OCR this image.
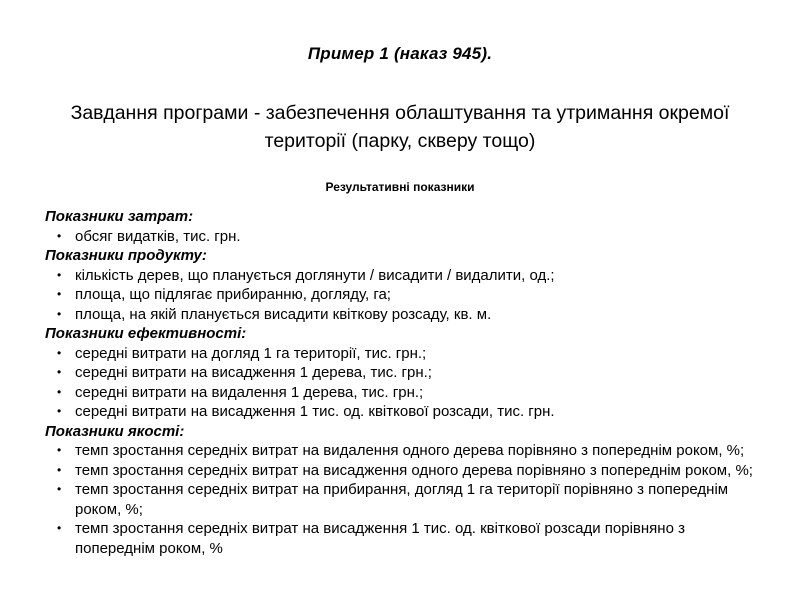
Пример 1 (наказ 945).
Завдання програми - забезпечення облаштування та утримання окремої території (парку, скверу тощо)
Результативні показники
Показники затрат:
• обсяг видатків, тис. грн.
Показники продукту:
• кількість дерев, що планується доглянути / висадити / видалити, од.;
• площа, що підлягає прибиранню, догляду, га;
• площа, на якій планується висадити квіткову розсаду, кв. м.
Показники ефективності:
• середні витрати на догляд 1 га території, тис. грн.;
• середні витрати на висадження 1 дерева, тис. грн.;
• середні витрати на видалення 1 дерева, тис. грн.;
• середні витрати на висадження 1 тис. од. квіткової розсади, тис. грн.
Показники якості:
• темп зростання середніх витрат на видалення одного дерева порівняно з попереднім роком, %;
• темп зростання середніх витрат на висадження одного дерева порівняно з попереднім роком, %;
• темп зростання середніх витрат на прибирання, догляд 1 га території порівняно з попереднім роком, %;
• темп зростання середніх витрат на висадження 1 тис. од. квіткової розсади порівняно з попереднім роком, %
